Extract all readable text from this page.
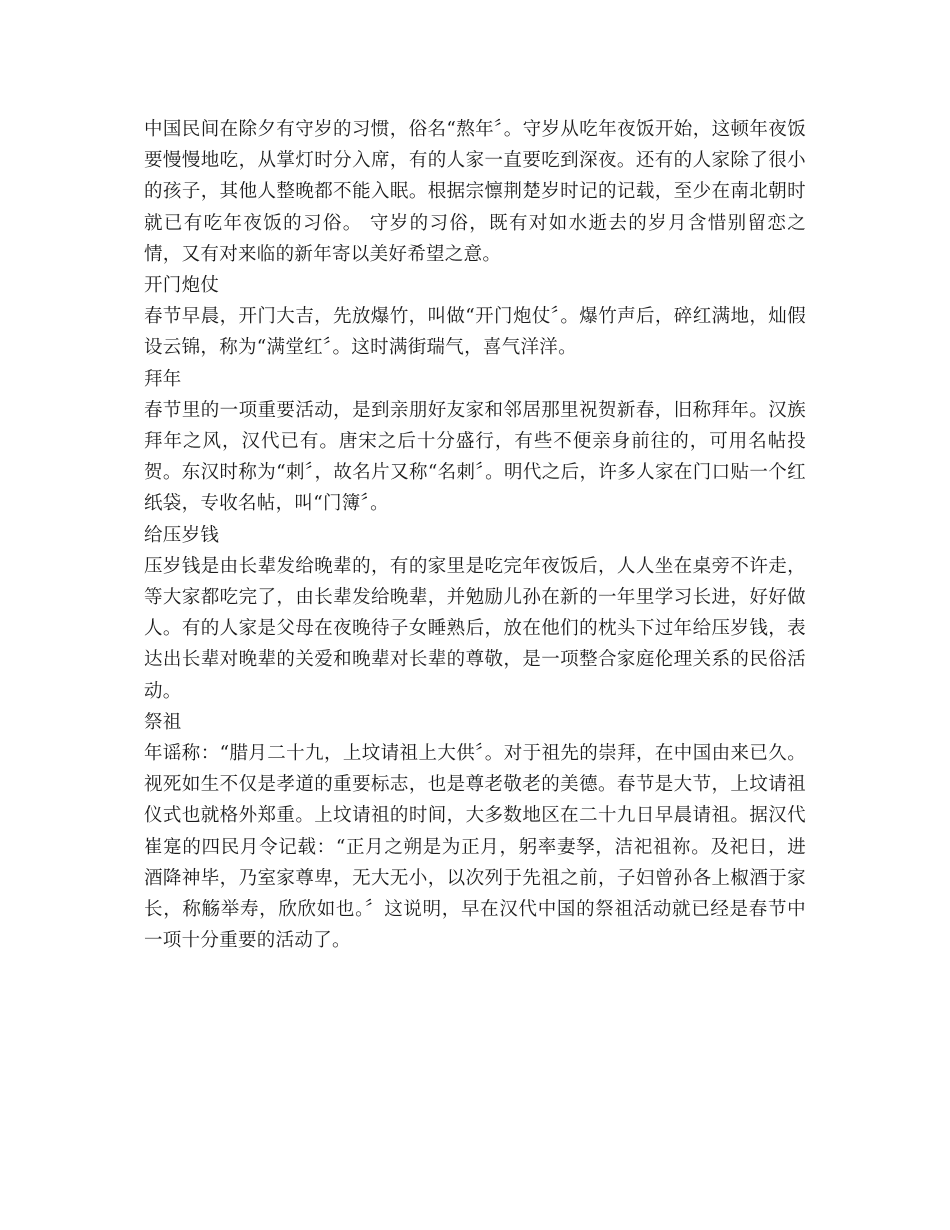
中国民间在除夕有守岁的习惯，俗名“熬年〞。守岁从吃年夜饭开始，这顿年夜饭要慢慢地吃，从掌灯时分入席，有的人家一直要吃到深夜。还有的人家除了很小的孩子，其他人整晚都不能入眠。根据宗懔荆楚岁时记的记载，至少在南北朝时就已有吃年夜饭的习俗。 守岁的习俗，既有对如水逝去的岁月含惜别留恋之情，又有对来临的新年寄以美好希望之意。

开门炮仗

春节早晨，开门大吉，先放爆竹，叫做“开门炮仗〞。爆竹声后，碎红满地，灿假设云锦，称为“满堂红〞。这时满街瑞气，喜气洋洋。

拜年

春节里的一项重要活动，是到亲朋好友家和邻居那里祝贺新春，旧称拜年。汉族拜年之风，汉代已有。唐宋之后十分盛行，有些不便亲身前往的，可用名帖投贺。东汉时称为“刺〞，故名片又称“名刺〞。明代之后，许多人家在门口贴一个红纸袋，专收名帖，叫“门簿〞。

给压岁钱

压岁钱是由长辈发给晚辈的，有的家里是吃完年夜饭后，人人坐在桌旁不许走，等大家都吃完了，由长辈发给晚辈，并勉励儿孙在新的一年里学习长进，好好做人。有的人家是父母在夜晚待子女睡熟后，放在他们的枕头下过年给压岁钱，表达出长辈对晚辈的关爱和晚辈对长辈的尊敬，是一项整合家庭伦理关系的民俗活动。

祭祖

年谣称：“腊月二十九，上坟请祖上大供〞。对于祖先的崇拜，在中国由来已久。视死如生不仅是孝道的重要标志，也是尊老敬老的美德。春节是大节，上坟请祖仪式也就格外郑重。上坟请祖的时间，大多数地区在二十九日早晨请祖。据汉代崔寔的四民月令记载：“正月之朔是为正月，躬率妻孥，洁祀祖祢。及祀日，进酒降神毕，乃室家尊卑，无大无小，以次列于先祖之前，子妇曾孙各上椒酒于家长，称觞举寿，欣欣如也。〞这说明，早在汉代中国的祭祖活动就已经是春节中一项十分重要的活动了。
